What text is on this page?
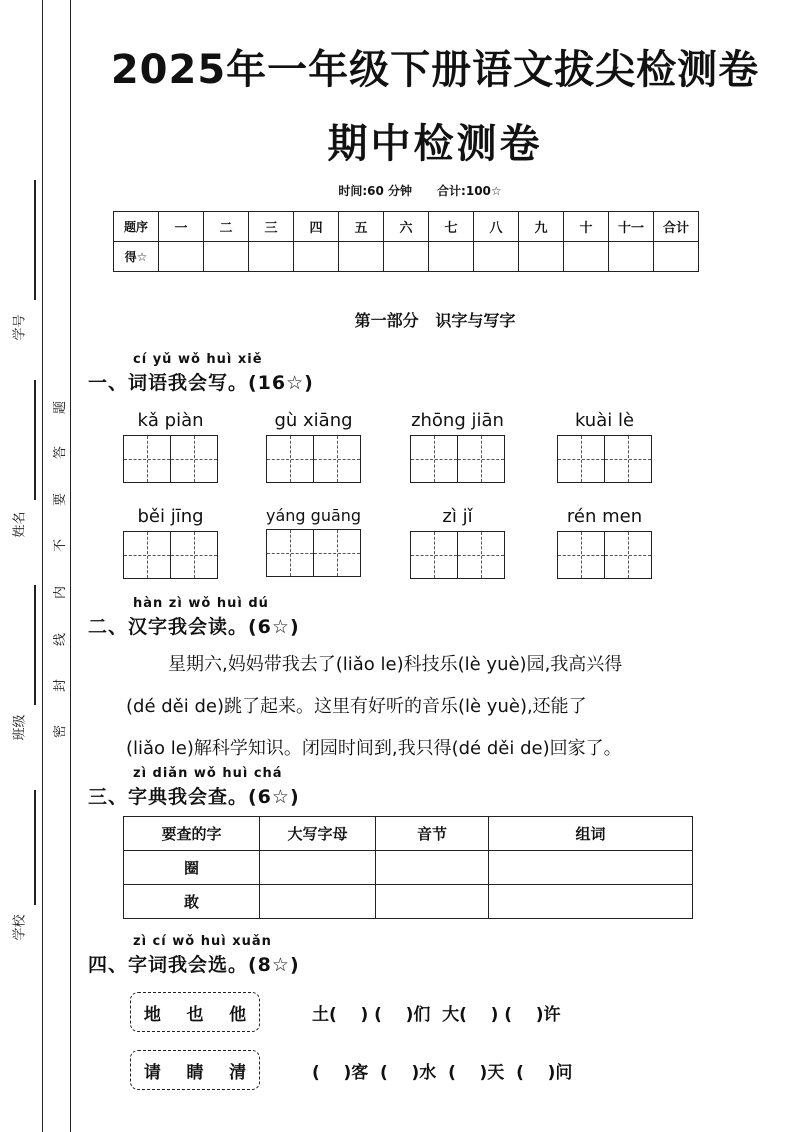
学号
姓名
班级
学校
题
答
要
不
内
线
封
密
2025年一年级下册语文拔尖检测卷
期中检测卷
时间:60 分钟      合计:100☆
题序	一	二	三	四	五	六	七	八	九	十	十一	合计
得☆												
第一部分   识字与写字
cí yǔ wǒ huì xiě
一、词语我会写。(16☆)
kǎ piàn	gù xiāng	zhōng jiān	kuài lè
běi jīng	yáng guāng	zì jǐ	rén men
hàn zì wǒ huì dú
二、汉字我会读。(6☆)
星期六,妈妈带我去了(liǎo le)科技乐(lè yuè)园,我高兴得
(dé děi de)跳了起来。这里有好听的音乐(lè yuè),还能了
(liǎo le)解科学知识。闭园时间到,我只得(dé děi de)回家了。
zì diǎn wǒ huì chá
三、字典我会查。(6☆)
要查的字	大写字母	音节	组词
圈			
敢			
zì cí wǒ huì xuǎn
四、字词我会选。(8☆)
地 也 他	土(    ) (    )们  大(    ) (    )许
请 睛 清	(    )客  (    )水  (    )天  (    )问
